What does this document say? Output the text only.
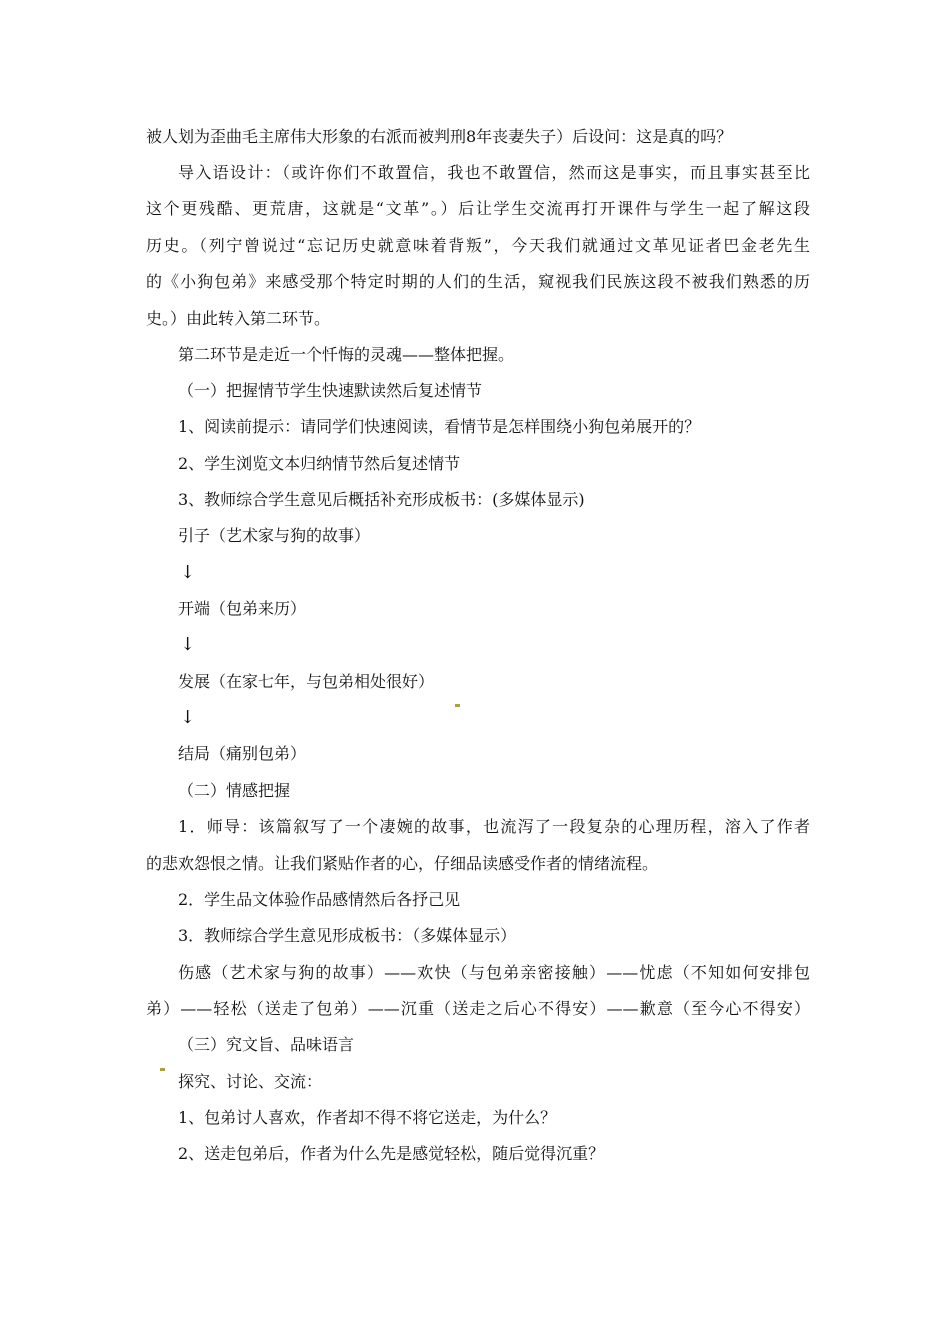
被人划为歪曲毛主席伟大形象的右派而被判刑8年丧妻失子）后设问：这是真的吗？
导入语设计：（或许你们不敢置信，我也不敢置信，然而这是事实，而且事实甚至比
这个更残酷、更荒唐，这就是“文革”。）后让学生交流再打开课件与学生一起了解这段
历史。（列宁曾说过“忘记历史就意味着背叛”，今天我们就通过文革见证者巴金老先生
的《小狗包弟》来感受那个特定时期的人们的生活，窥视我们民族这段不被我们熟悉的历
史。）由此转入第二环节。
第二环节是走近一个忏悔的灵魂——整体把握。
（一）把握情节学生快速默读然后复述情节
1、阅读前提示：请同学们快速阅读，看情节是怎样围绕小狗包弟展开的？
2、学生浏览文本归纳情节然后复述情节
3、教师综合学生意见后概括补充形成板书：(多媒体显示)
引子（艺术家与狗的故事）
↓
开端（包弟来历）
↓
发展（在家七年，与包弟相处很好）
↓
结局（痛别包弟）
（二）情感把握
1．师导：该篇叙写了一个凄婉的故事，也流泻了一段复杂的心理历程，溶入了作者
的悲欢怨恨之情。让我们紧贴作者的心，仔细品读感受作者的情绪流程。
2．学生品文体验作品感情然后各抒己见
3．教师综合学生意见形成板书：（多媒体显示）
伤感（艺术家与狗的故事）——欢快（与包弟亲密接触）——忧虑（不知如何安排包
弟）——轻松（送走了包弟）——沉重（送走之后心不得安）——歉意（至今心不得安）
（三）究文旨、品味语言
探究、讨论、交流：
1、包弟讨人喜欢，作者却不得不将它送走，为什么？
2、送走包弟后，作者为什么先是感觉轻松，随后觉得沉重？
